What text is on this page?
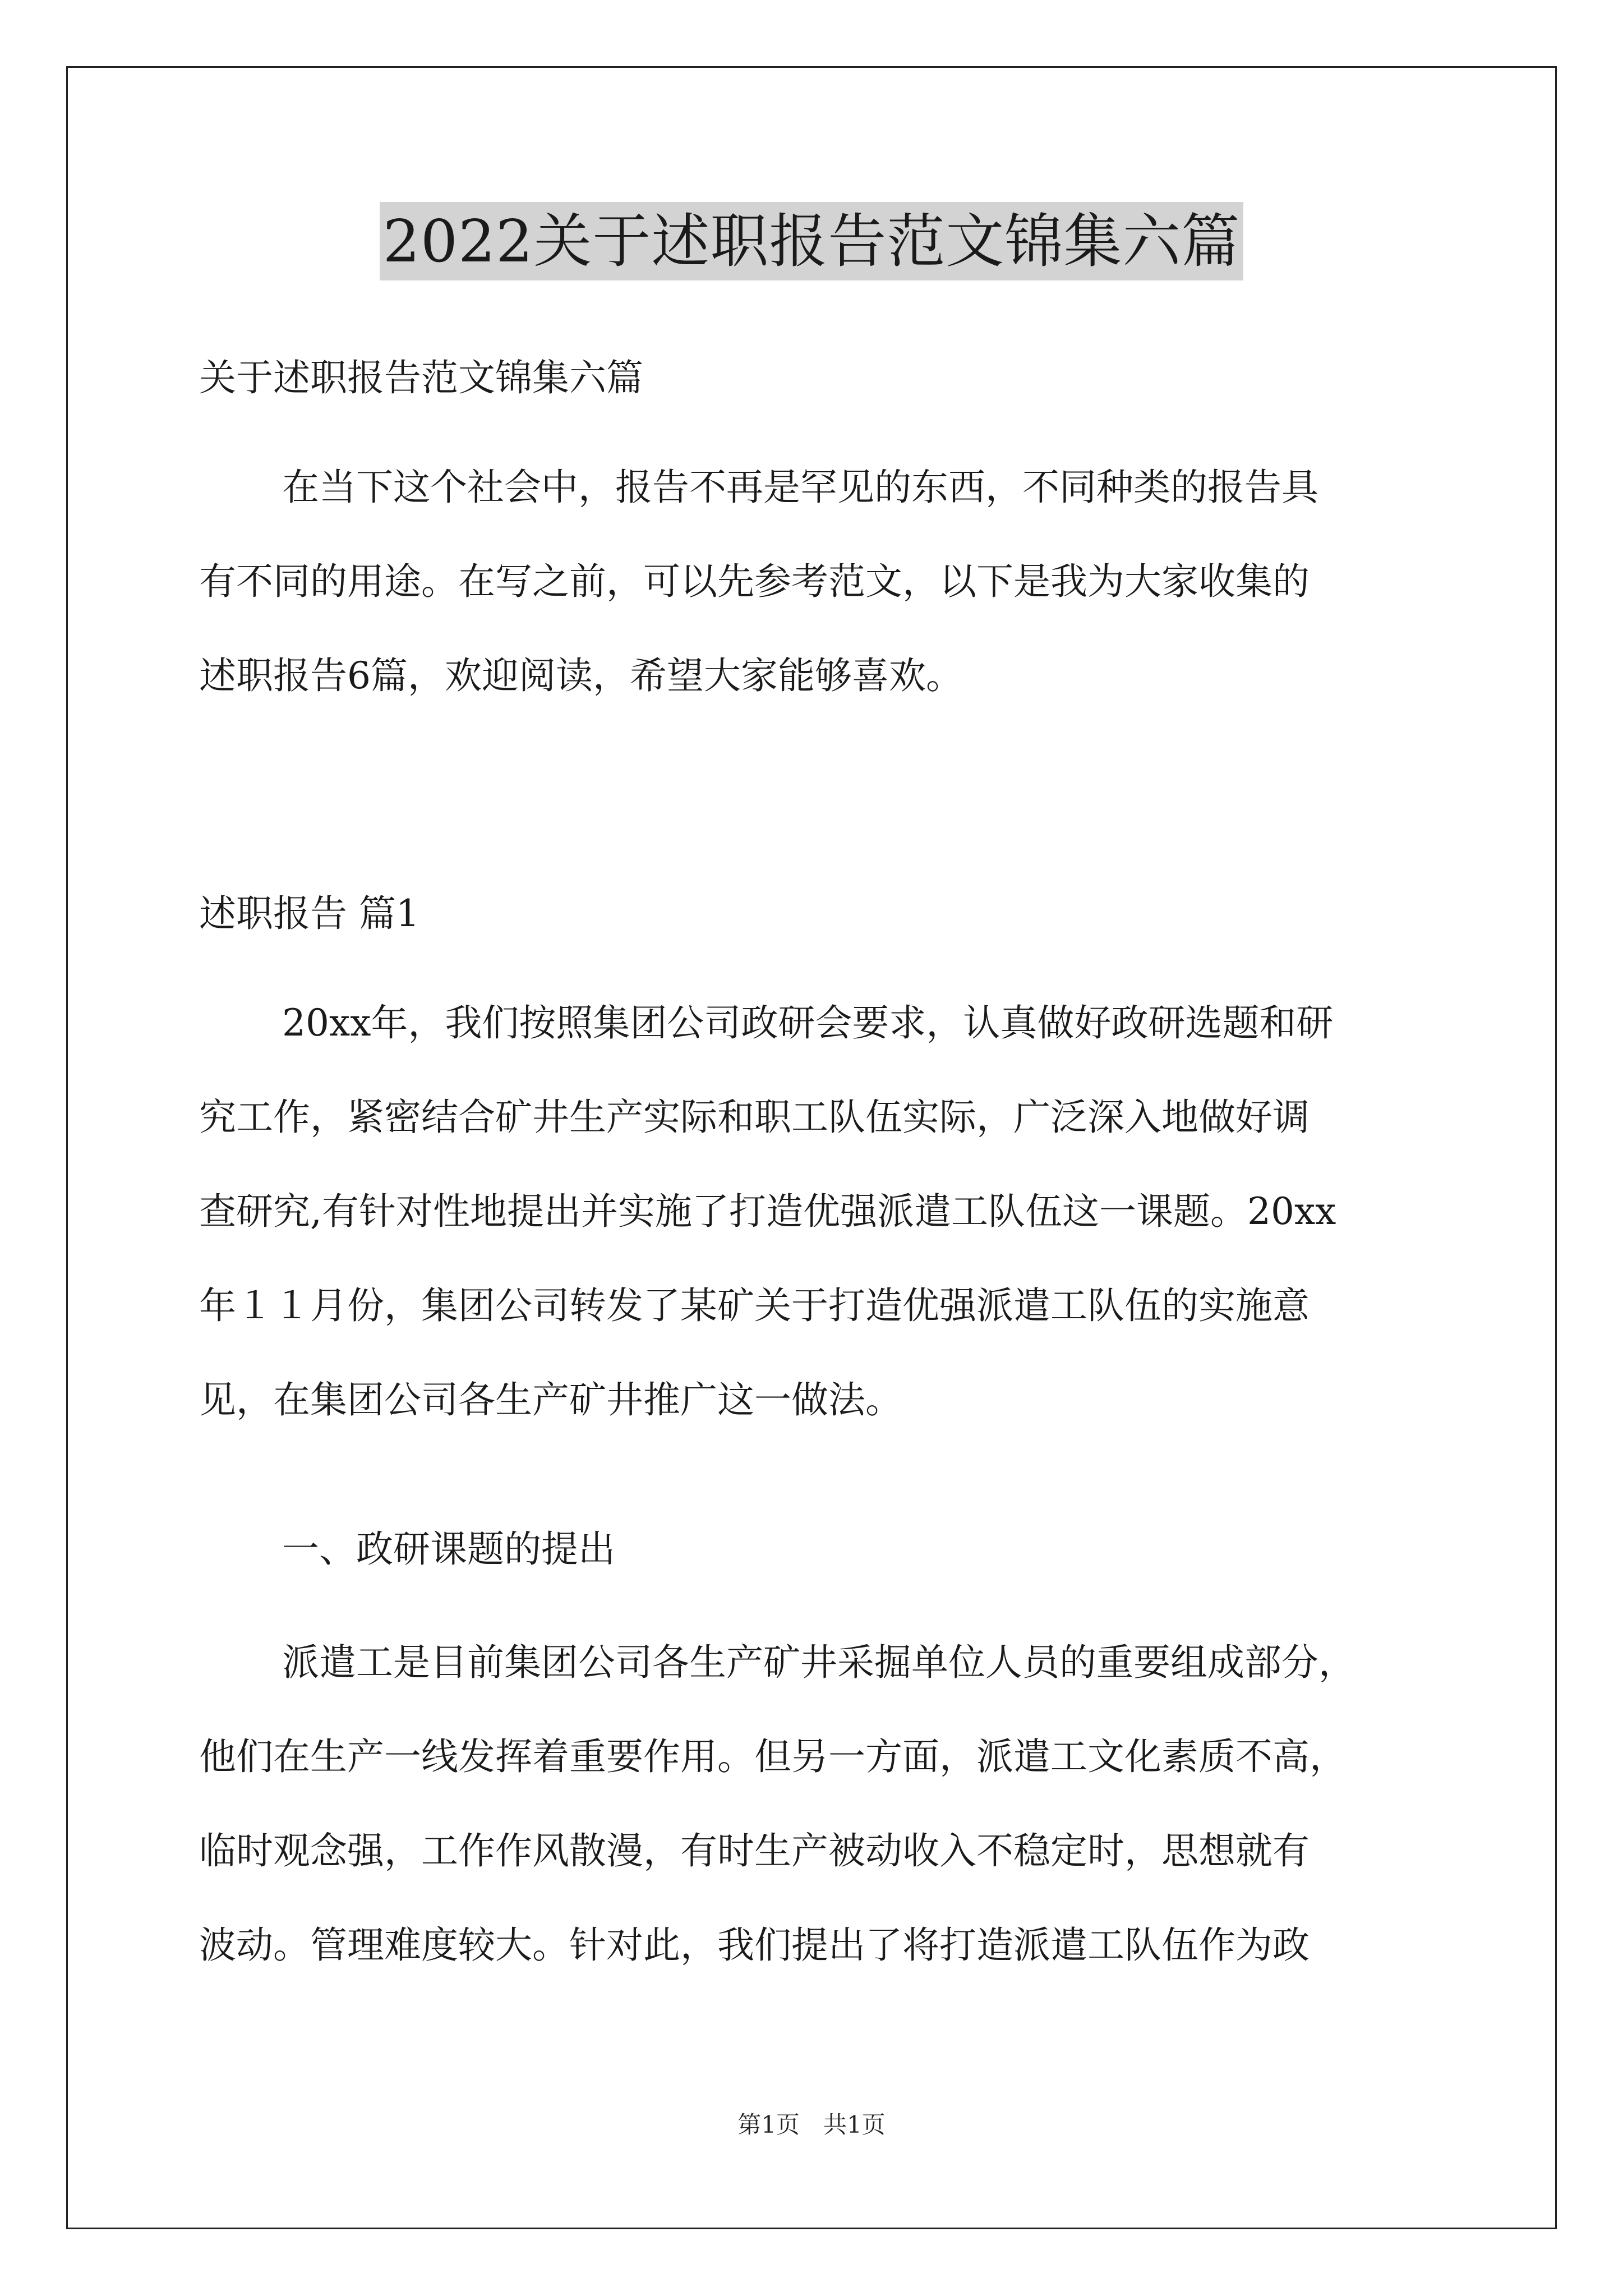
2022关于述职报告范文锦集六篇

关于述职报告范文锦集六篇

在当下这个社会中，报告不再是罕见的东西，不同种类的报告具

有不同的用途。在写之前，可以先参考范文，以下是我为大家收集的

述职报告6篇，欢迎阅读，希望大家能够喜欢。

述职报告 篇1

20xx年，我们按照集团公司政研会要求，认真做好政研选题和研

究工作，紧密结合矿井生产实际和职工队伍实际，广泛深入地做好调

查研究,有针对性地提出并实施了打造优强派遣工队伍这一课题。20xx

年１１月份，集团公司转发了某矿关于打造优强派遣工队伍的实施意

见，在集团公司各生产矿井推广这一做法。

一、政研课题的提出

派遣工是目前集团公司各生产矿井采掘单位人员的重要组成部分，

他们在生产一线发挥着重要作用。但另一方面，派遣工文化素质不高，

临时观念强，工作作风散漫，有时生产被动收入不稳定时，思想就有

波动。管理难度较大。针对此，我们提出了将打造派遣工队伍作为政

第1页　共1页
